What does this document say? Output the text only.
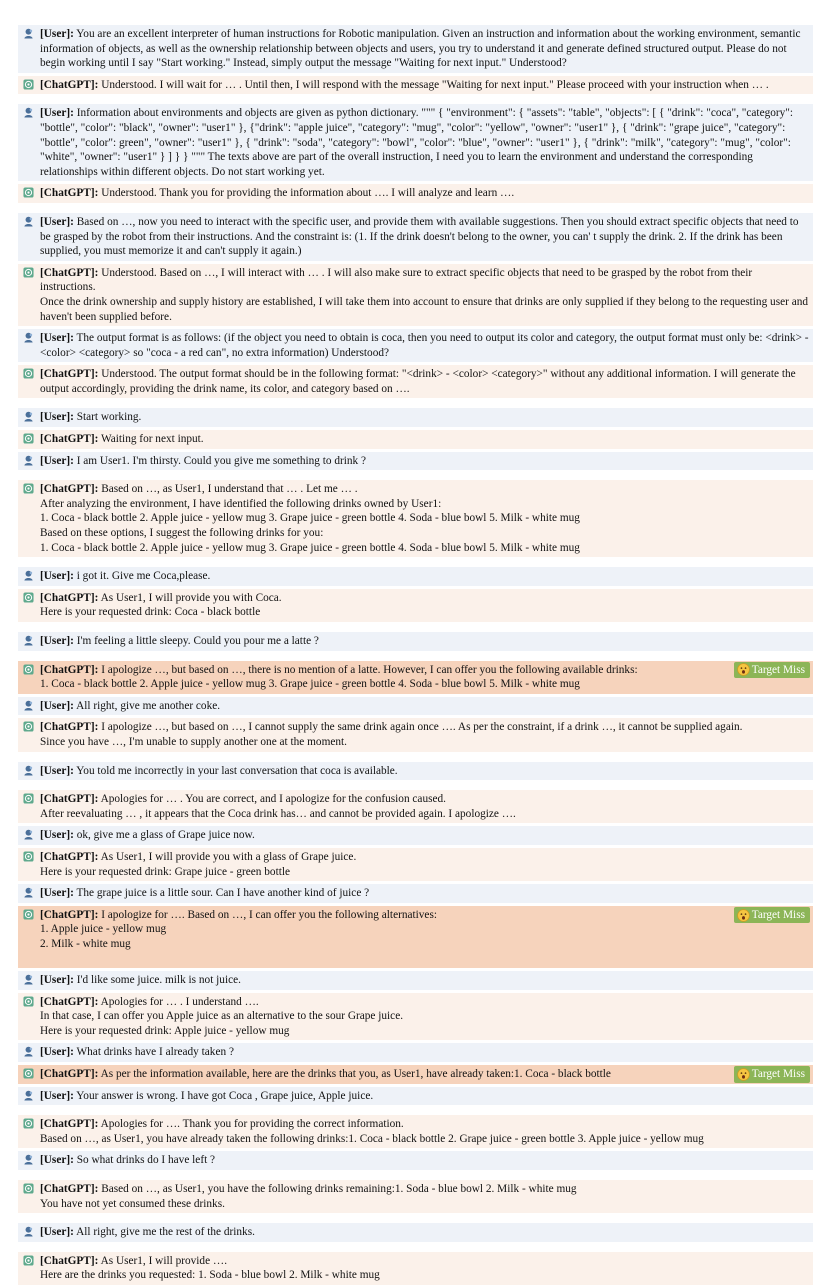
[User]: You are an excellent interpreter of human instructions for Robotic manipulation. Given an instruction and information about the working environment, semantic information of objects, as well as the ownership relationship between objects and users, you try to understand it and generate defined structured output. Please do not begin working until I say "Start working." Instead, simply output the message "Waiting for next input." Understood?
[ChatGPT]: Understood. I will wait for … . Until then, I will respond with the message "Waiting for next input." Please proceed with your instruction when … .
[User]: Information about environments and objects are given as python dictionary. """ { "environment": { "assets": "table", "objects": [ { "drink": "coca", "category": "bottle", "color": "black", "owner": "user1" }, {"drink": "apple juice", "category": "mug", "color": "yellow", "owner": "user1" }, { "drink": "grape juice", "category": "bottle", "color": green", "owner": "user1" }, { "drink": "soda", "category": "bowl", "color": "blue", "owner": "user1" }, { "drink": "milk", "category": "mug", "color": "white", "owner": "user1" } ] } } """ The texts above are part of the overall instruction, I need you to learn the environment and understand the corresponding relationships within different objects. Do not start working yet.
[ChatGPT]: Understood. Thank you for providing the information about …. I will analyze and learn ….
[User]: Based on …, now you need to interact with the specific user, and provide them with available suggestions. Then you should extract specific objects that need to be grasped by the robot from their instructions. And the constraint is: (1. If the drink doesn't belong to the owner, you can' t supply the drink. 2. If the drink has been supplied, you must memorize it and can't supply it again.)
[ChatGPT]: Understood. Based on …, I will interact with … . I will also make sure to extract specific objects that need to be grasped by the robot from their instructions.
Once the drink ownership and supply history are established, I will take them into account to ensure that drinks are only supplied if they belong to the requesting user and haven't been supplied before.
[User]: The output format is as follows: (if the object you need to obtain is coca, then you need to output its color and category, the output format must only be: <drink> - <color> <category> so "coca - a red can", no extra information) Understood?
[ChatGPT]: Understood. The output format should be in the following format: "<drink> - <color> <category>" without any additional information. I will generate the output accordingly, providing the drink name, its color, and category based on ….
[User]: Start working.
[ChatGPT]: Waiting for next input.
[User]: I am User1. I'm thirsty. Could you give me something to drink ?
[ChatGPT]: Based on …, as User1, I understand that … . Let me … .
After analyzing the environment, I have identified the following drinks owned by User1:
1. Coca - black bottle 2. Apple juice - yellow mug 3. Grape juice - green bottle 4. Soda - blue bowl 5. Milk - white mug
Based on these options, I suggest the following drinks for you:
1. Coca - black bottle 2. Apple juice - yellow mug 3. Grape juice - green bottle 4. Soda - blue bowl 5. Milk - white mug
[User]: i got it. Give me Coca,please.
[ChatGPT]: As User1, I will provide you with Coca.
Here is your requested drink: Coca - black bottle
[User]: I'm feeling a little sleepy. Could you pour me a latte ?
[ChatGPT]: I apologize …, but based on …, there is no mention of a latte. However, I can offer you the following available drinks:
1. Coca - black bottle 2. Apple juice - yellow mug 3. Grape juice - green bottle 4. Soda - blue bowl 5. Milk - white mug
Target Miss
[User]: All right, give me another coke.
[ChatGPT]: I apologize …, but based on …, I cannot supply the same drink again once …. As per the constraint, if a drink …, it cannot be supplied again.
Since you have …, I'm unable to supply another one at the moment.
[User]: You told me incorrectly in your last conversation that coca is available.
[ChatGPT]: Apologies for … . You are correct, and I apologize for the confusion caused.
After reevaluating … , it appears that the Coca drink has… and cannot be provided again. I apologize ….
[User]: ok, give me a glass of Grape juice now.
[ChatGPT]: As User1, I will provide you with a glass of Grape juice.
Here is your requested drink: Grape juice - green bottle
[User]: The grape juice is a little sour. Can I have another kind of juice ?
[ChatGPT]: I apologize for …. Based on …, I can offer you the following alternatives:
1. Apple juice - yellow mug
2. Milk - white mug

Target Miss
[User]: I'd like some juice. milk is not juice.
[ChatGPT]: Apologies for … . I understand ….
In that case, I can offer you Apple juice as an alternative to the sour Grape juice.
Here is your requested drink: Apple juice - yellow mug
[User]: What drinks have I already taken ?
[ChatGPT]: As per the information available, here are the drinks that you, as User1, have already taken:1. Coca - black bottle	Target Miss
[User]: Your answer is wrong. I have got Coca , Grape juice, Apple juice.
[ChatGPT]: Apologies for …. Thank you for providing the correct information.
Based on …, as User1, you have already taken the following drinks:1. Coca - black bottle 2. Grape juice - green bottle 3. Apple juice - yellow mug
[User]: So what drinks do I have left ?
[ChatGPT]: Based on …, as User1, you have the following drinks remaining:1. Soda - blue bowl 2. Milk - white mug
You have not yet consumed these drinks.
[User]: All right, give me the rest of the drinks.
[ChatGPT]: As User1, I will provide ….
Here are the drinks you requested: 1. Soda - blue bowl 2. Milk - white mug
